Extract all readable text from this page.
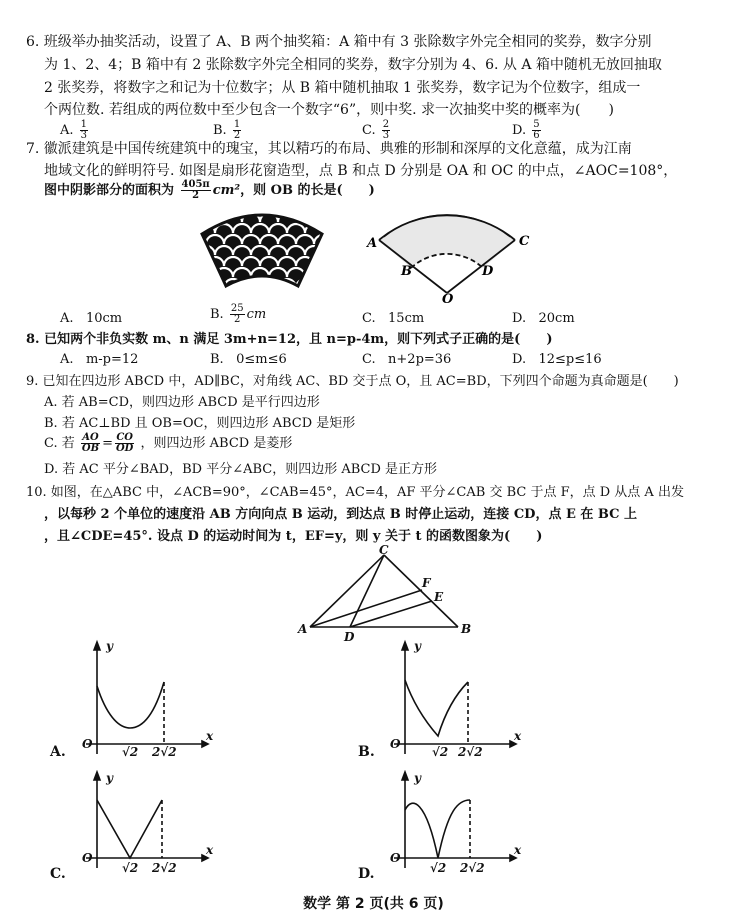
6. 班级举办抽奖活动，设置了 A、B 两个抽奖箱：A 箱中有 3 张除数字外完全相同的奖券，数字分别
为 1、2、4；B 箱中有 2 张除数字外完全相同的奖券，数字分别为 4、6. 从 A 箱中随机无放回抽取
2 张奖券，将数字之和记为十位数字；从 B 箱中随机抽取 1 张奖券，数字记为个位数字，组成一
个两位数. 若组成的两位数中至少包含一个数字“6”，则中奖. 求一次抽奖中奖的概率为(　　)
A. $\frac{1}{3}$	B. $\frac{1}{2}$	C. $\frac{2}{3}$	D. $\frac{5}{6}$
7. 徽派建筑是中国传统建筑中的瑰宝，其以精巧的布局、典雅的形制和深厚的文化意蕴，成为江南
地域文化的鲜明符号. 如图是扇形花窗造型，点 B 和点 D 分别是 OA 和 OC 的中点，∠AOC=108°，
图中阴影部分的面积为 $\frac{405\pi}{2} cm^2$，则 OB 的长是(　　)
A	C
B	D
O
A. 10cm	B. $\frac{25}{2}$ cm	C. 15cm	D. 20cm
8. 已知两个非负实数 m、n 满足 3m+n=12，且 n=p-4m，则下列式子正确的是(　　)
A. m-p=12	B. 0≤m≤6	C. n+2p=36	D. 12≤p≤16
9. 已知在四边形 ABCD 中，AD∥BC，对角线 AC、BD 交于点 O，且 AC=BD，下列四个命题为真命题是(　　)
A. 若 AB=CD，则四边形 ABCD 是平行四边形
B. 若 AC⊥BD 且 OB=OC，则四边形 ABCD 是矩形
C. 若 $\frac{AO}{OB} = \frac{CO}{OD}$ ，则四边形 ABCD 是菱形
D. 若 AC 平分∠BAD，BD 平分∠ABC，则四边形 ABCD 是正方形
10. 如图，在△ABC 中，∠ACB=90°，∠CAB=45°，AC=4，AF 平分∠CAB 交 BC 于点 F，点 D 从点 A 出发
，以每秒 2 个单位的速度沿 AB 方向向点 B 运动，到达点 B 时停止运动，连接 CD，点 E 在 BC 上
，且∠CDE=45°. 设点 D 的运动时间为 t，EF=y，则 y 关于 t 的函数图象为(　　)
C
A	B
D
F
E
y
x
O
√2 2√2
A.
y
x
O
√2 2√2
B.
y
x
O
√2 2√2
C.
y
x
O
√2 2√2
D.
数学 第 2 页(共 6 页)
